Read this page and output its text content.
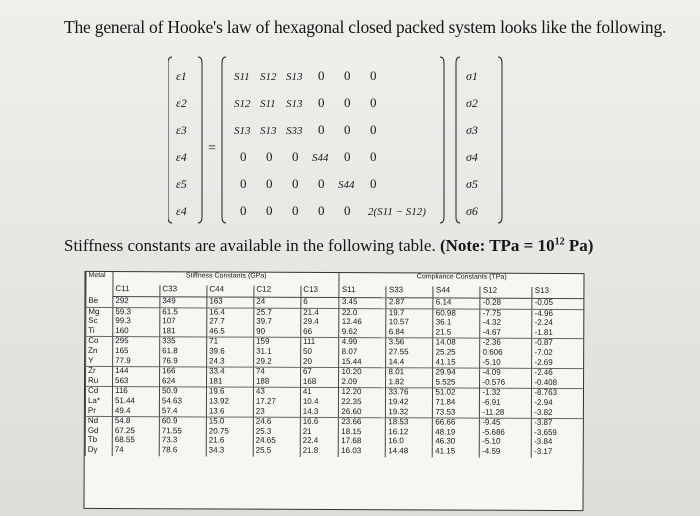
The general of Hooke's law of hexagonal closed packed system looks like the following.
ε1
ε2
ε3
ε4
ε5
ε4
=
S11 S12 S13 0 0 0
S12 S11 S13 0 0 0
S13 S13 S33 0 0 0
0 0 0 S44 0 0
0 0 0 0 S44 0
0 0 0 0 0 2(S11 − S12)
σ1
σ2
σ3
σ4
σ5
σ6
Stiffness constants are available in the following table. (Note: TPa = $10^{12}$ Pa)
Metal	Stiffness Constants (GPa)					Compliance Constants (TPa)				
	C11	C33	C44	C12	C13	S11	S33	S44	S12	S13
Be	292	349	163	24	6	3.45	2.87	6.14	-0.28	-0.05
Mg	59.3	61.5	16.4	25.7	21.4	22.0	19.7	60.98	-7.75	-4.96
Sc	99.3	107	27.7	39.7	29.4	12.46	10.57	36.1	-4.32	-2.24
Ti	160	181	46.5	90	66	9.62	6.84	21.5	-4.67	-1.81
Co	295	335	71	159	111	4.99	3.56	14.08	-2.36	-0.87
Zn	165	61.8	39.6	31.1	50	8.07	27.55	25.25	0.606	-7.02
Y	77.9	76.9	24.3	29.2	20	15.44	14.4	41.15	-5.10	-2.69
Zr	144	166	33.4	74	67	10.20	8.01	29.94	-4.09	-2.46
Ru	563	624	181	188	168	2.09	1.82	5.525	-0.576	-0.408
Cd	116	50.9	19.6	43	41	12.20	33.76	51.02	-1.32	-8.763
La*	51.44	54.63	13.92	17.27	10.4	22.35	19.42	71.84	-6.91	-2.94
Pr	49.4	57.4	13.6	23	14.3	26.60	19.32	73.53	-11.28	-3.82
Nd	54.8	60.9	15.0	24.6	16.6	23.66	18.53	66.66	-9.45	-3.87
Gd	67.25	71.55	20.75	25.3	21	18.15	16.12	48.19	-5.686	-3.659
Tb	68.55	73.3	21.6	24.65	22.4	17.68	16.0	46.30	-5.10	-3.84
Dy	74	78.6	34.3	25.5	21.8	16.03	14.48	41.15	-4.59	-3.17
